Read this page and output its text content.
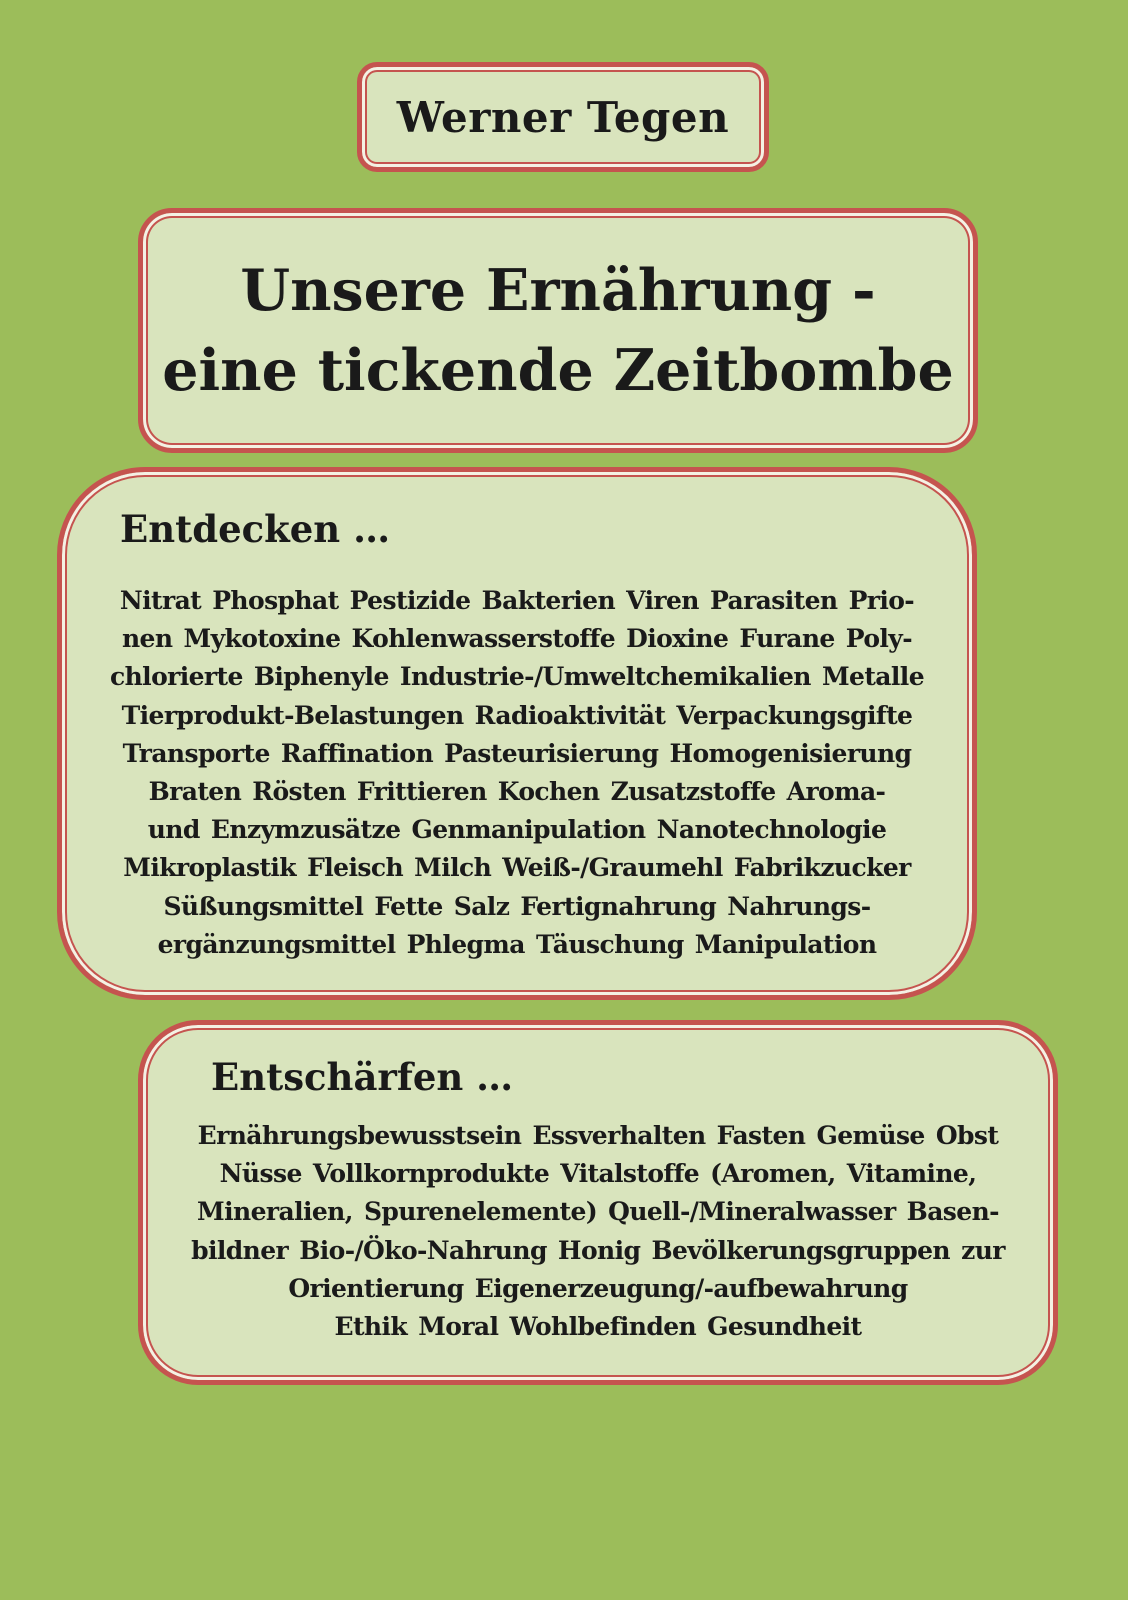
Werner Tegen
Unsere Ernährung -
eine tickende Zeitbombe
Entdecken …
Nitrat Phosphat Pestizide Bakterien Viren Parasiten Prio-
nen Mykotoxine Kohlenwasserstoffe Dioxine Furane Poly-
chlorierte Biphenyle Industrie-/Umweltchemikalien Metalle
Tierprodukt-Belastungen Radioaktivität Verpackungsgifte
Transporte Raffination Pasteurisierung Homogenisierung
Braten Rösten Frittieren Kochen Zusatzstoffe Aroma-
und Enzymzusätze Genmanipulation Nanotechnologie
Mikroplastik Fleisch Milch Weiß-/Graumehl Fabrikzucker
Süßungsmittel Fette Salz Fertignahrung Nahrungs-
ergänzungsmittel Phlegma Täuschung Manipulation
Entschärfen …
Ernährungsbewusstsein Essverhalten Fasten Gemüse Obst
Nüsse Vollkornprodukte Vitalstoffe (Aromen, Vitamine,
Mineralien, Spurenelemente) Quell-/Mineralwasser Basen-
bildner Bio-/Öko-Nahrung Honig Bevölkerungsgruppen zur
Orientierung Eigenerzeugung/-aufbewahrung
Ethik Moral Wohlbefinden Gesundheit
